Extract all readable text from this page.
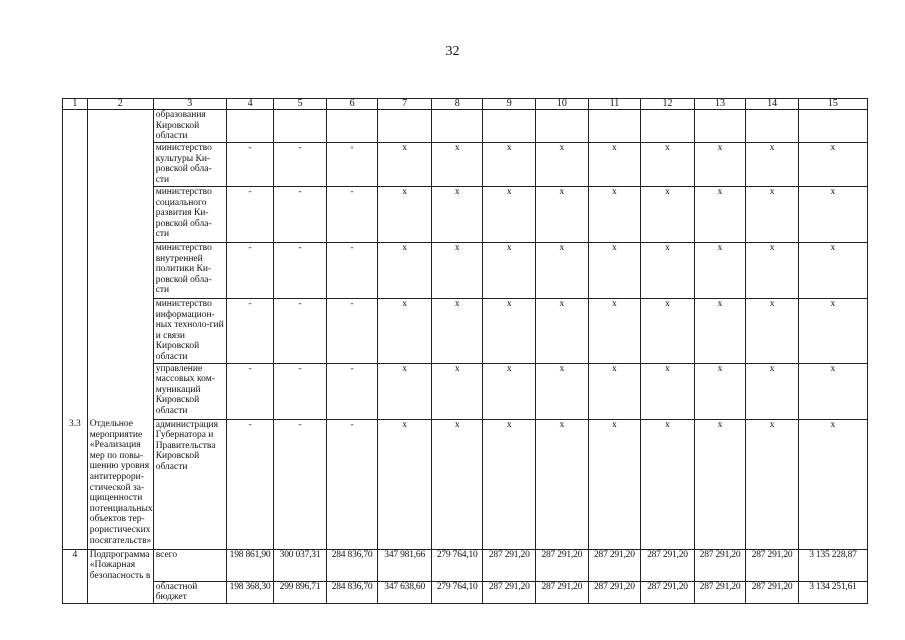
32
1	2	3	4	5	6	7	8	9	10	11	12	13	14	15
		образования Кировской области												
		министерство культуры Ки-ровской обла-сти	-	-	-	х	х	х	х	х	х	х	х	х
		министерство социального развития Ки-ровской обла-сти	-	-	-	х	х	х	х	х	х	х	х	х
		министерство внутренней политики Ки-ровской обла-сти	-	-	-	х	х	х	х	х	х	х	х	х
		министерство информацион-ных техноло-гий и связи Кировской области	-	-	-	х	х	х	х	х	х	х	х	х
		управление массовых ком-муникаций Кировской области	-	-	-	х	х	х	х	х	х	х	х	х
3.3	Отдельное мероприятие «Реализация мер по повы-шению уровня антитеррори-стической за-щищенности потенциальных объектов тер-рористических посягательств»	администрация Губернатора и Правительства Кировской области	-	-	-	х	х	х	х	х	х	х	х	х
4	Подпрограмма «Пожарная безопасность в	всего	198 861,90	300 037,31	284 836,70	347 981,66	279 764,10	287 291,20	287 291,20	287 291,20	287 291,20	287 291,20	287 291,20	3 135 228,87
		областной бюджет	198 368,30	299 896,71	284 836,70	347 638,60	279 764,10	287 291,20	287 291,20	287 291,20	287 291,20	287 291,20	287 291,20	3 134 251,61
